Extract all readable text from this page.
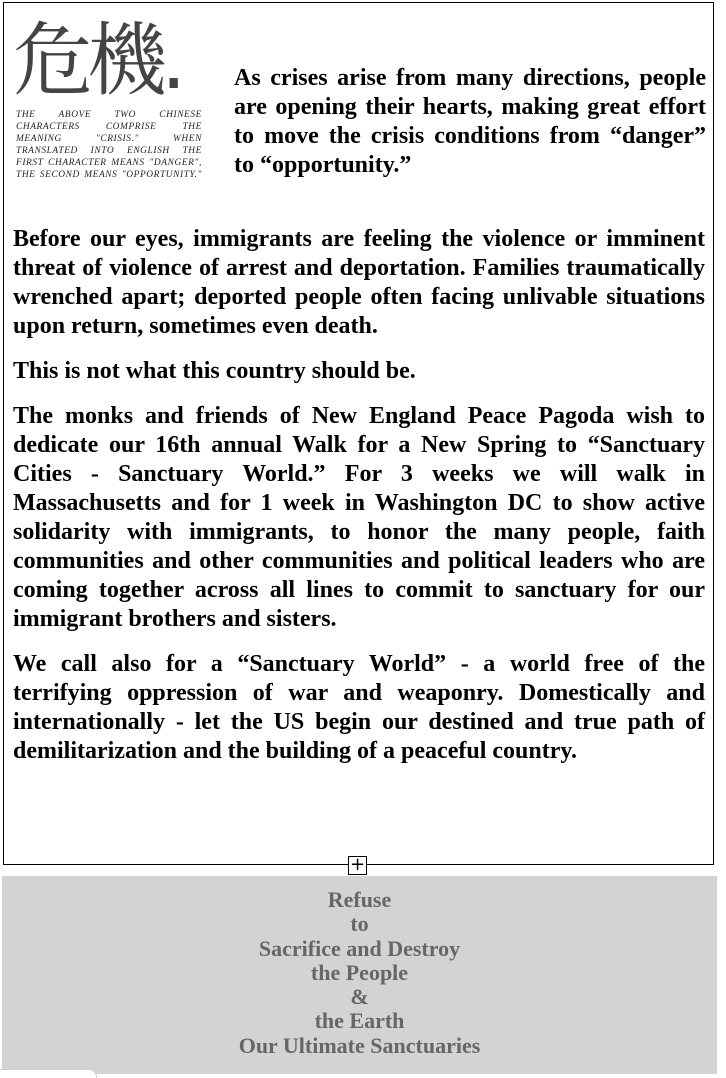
危機.
THE ABOVE TWO CHINESE CHARACTERS COMPRISE THE MEANING "CRISIS." WHEN TRANSLATED INTO ENGLISH THE FIRST CHARACTER MEANS "DANGER", THE SECOND MEANS "OPPORTUNITY."
As crises arise from many directions, people are opening their hearts, making great effort to move the crisis conditions from “danger” to “opportunity.”

Before our eyes, immigrants are feeling the violence or imminent threat of violence of arrest and deportation. Families traumatically wrenched apart; deported people often facing unlivable situations upon return, sometimes even death.

This is not what this country should be.

The monks and friends of New England Peace Pagoda wish to dedicate our 16th annual Walk for a New Spring to “Sanctuary Cities - Sanctuary World.” For 3 weeks we will walk in Massachusetts and for 1 week in Washington DC to show active solidarity with immigrants, to honor the many people, faith communities and other communities and political leaders who are coming together across all lines to commit to sanctuary for our immigrant brothers and sisters.

We call also for a “Sanctuary World” - a world free of the terrifying oppression of war and weaponry. Domestically and internationally - let the US begin our destined and true path of demilitarization and the building of a peaceful country.

+
Refuse
to
Sacrifice and Destroy
the People
&
the Earth
Our Ultimate Sanctuaries
